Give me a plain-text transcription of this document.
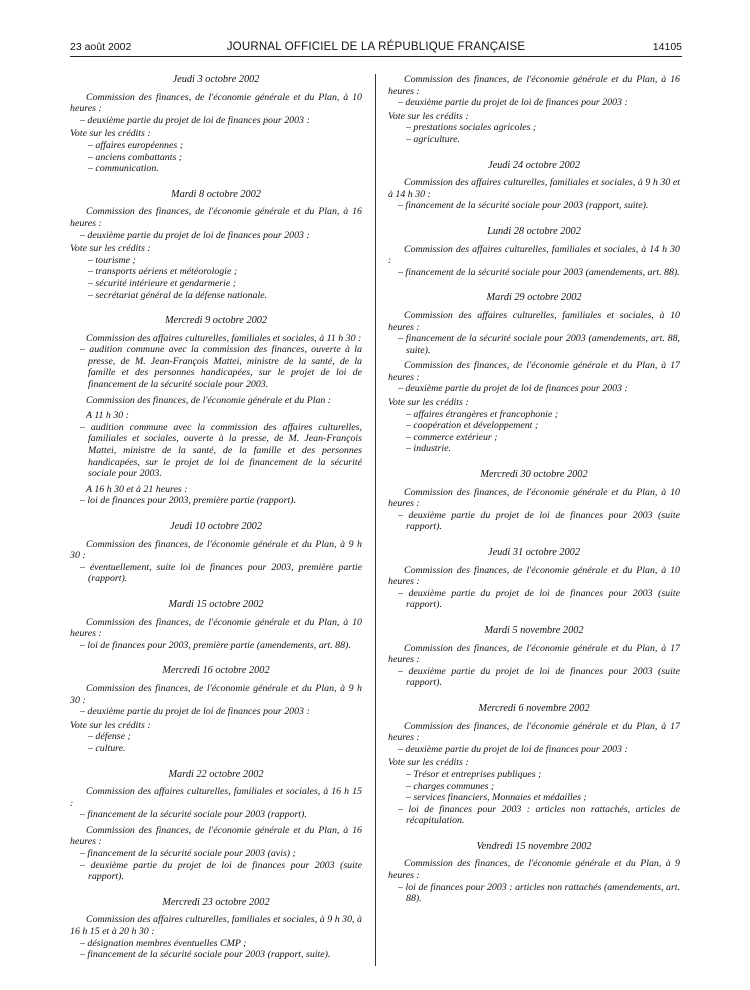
23 août 2002	JOURNAL OFFICIEL DE LA RÉPUBLIQUE FRANÇAISE	14105
Jeudi 3 octobre 2002

Commission des finances, de l'économie générale et du Plan, à 10 heures :

– deuxième partie du projet de loi de finances pour 2003 :

Vote sur les crédits :

– affaires européennes ;
– anciens combattants ;
– communication.
Mardi 8 octobre 2002

Commission des finances, de l'économie générale et du Plan, à 16 heures :

– deuxième partie du projet de loi de finances pour 2003 :

Vote sur les crédits :

– tourisme ;
– transports aériens et météorologie ;
– sécurité intérieure et gendarmerie ;
– secrétariat général de la défense nationale.
Mercredi 9 octobre 2002

Commission des affaires culturelles, familiales et sociales, à 11 h 30 :

– audition commune avec la commission des finances, ouverte à la presse, de M. Jean-François Mattei, ministre de la santé, de la famille et des personnes handicapées, sur le projet de loi de financement de la sécurité sociale pour 2003.

Commission des finances, de l'économie générale et du Plan :

A 11 h 30 :

– audition commune avec la commission des affaires culturelles, familiales et sociales, ouverte à la presse, de M. Jean-François Mattei, ministre de la santé, de la famille et des personnes handicapées, sur le projet de loi de financement de la sécurité sociale pour 2003.

A 16 h 30 et à 21 heures :

– loi de finances pour 2003, première partie (rapport).
Jeudi 10 octobre 2002

Commission des finances, de l'économie générale et du Plan, à 9 h 30 :

– éventuellement, suite loi de finances pour 2003, première partie (rapport).
Mardi 15 octobre 2002

Commission des finances, de l'économie générale et du Plan, à 10 heures :

– loi de finances pour 2003, première partie (amendements, art. 88).
Mercredi 16 octobre 2002

Commission des finances, de l'économie générale et du Plan, à 9 h 30 :

– deuxième partie du projet de loi de finances pour 2003 :

Vote sur les crédits :

– défense ;
– culture.
Mardi 22 octobre 2002

Commission des affaires culturelles, familiales et sociales, à 16 h 15 :

– financement de la sécurité sociale pour 2003 (rapport).

Commission des finances, de l'économie générale et du Plan, à 16 heures :

– financement de la sécurité sociale pour 2003 (avis) ;
– deuxième partie du projet de loi de finances pour 2003 (suite rapport).
Mercredi 23 octobre 2002

Commission des affaires culturelles, familiales et sociales, à 9 h 30, à 16 h 15 et à 20 h 30 :

– désignation membres éventuelles CMP ;
– financement de la sécurité sociale pour 2003 (rapport, suite).

Commission des finances, de l'économie générale et du Plan, à 16 heures :

– deuxième partie du projet de loi de finances pour 2003 :

Vote sur les crédits :

– prestations sociales agricoles ;
– agriculture.
Jeudi 24 octobre 2002

Commission des affaires culturelles, familiales et sociales, à 9 h 30 et à 14 h 30 :

– financement de la sécurité sociale pour 2003 (rapport, suite).
Lundi 28 octobre 2002

Commission des affaires culturelles, familiales et sociales, à 14 h 30 :

– financement de la sécurité sociale pour 2003 (amendements, art. 88).
Mardi 29 octobre 2002

Commission des affaires culturelles, familiales et sociales, à 10 heures :

– financement de la sécurité sociale pour 2003 (amendements, art. 88, suite).

Commission des finances, de l'économie générale et du Plan, à 17 heures :

– deuxième partie du projet de loi de finances pour 2003 :

Vote sur les crédits :

– affaires étrangères et francophonie ;
– coopération et développement ;
– commerce extérieur ;
– industrie.
Mercredi 30 octobre 2002

Commission des finances, de l'économie générale et du Plan, à 10 heures :

– deuxième partie du projet de loi de finances pour 2003 (suite rapport).
Jeudi 31 octobre 2002

Commission des finances, de l'économie générale et du Plan, à 10 heures :

– deuxième partie du projet de loi de finances pour 2003 (suite rapport).
Mardi 5 novembre 2002

Commission des finances, de l'économie générale et du Plan, à 17 heures :

– deuxième partie du projet de loi de finances pour 2003 (suite rapport).
Mercredi 6 novembre 2002

Commission des finances, de l'économie générale et du Plan, à 17 heures :

– deuxième partie du projet de loi de finances pour 2003 :

Vote sur les crédits :

– Trésor et entreprises publiques ;
– charges communes ;
– services financiers, Monnaies et médailles ;
– loi de finances pour 2003 : articles non rattachés, articles de récapitulation.
Vendredi 15 novembre 2002

Commission des finances, de l'économie générale et du Plan, à 9 heures :

– loi de finances pour 2003 : articles non rattachés (amendements, art. 88).
